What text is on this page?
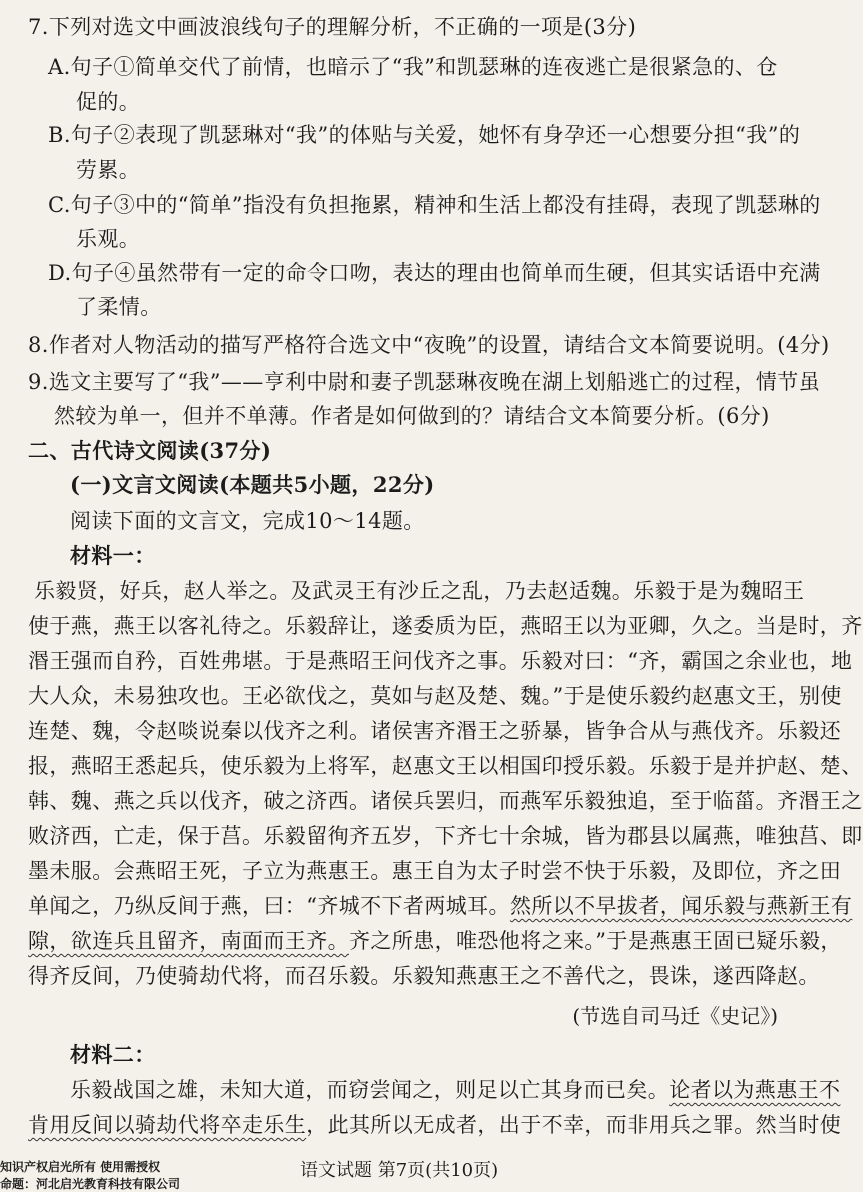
7.下列对选文中画波浪线句子的理解分析，不正确的一项是(3分)
A.句子①简单交代了前情，也暗示了“我”和凯瑟琳的连夜逃亡是很紧急的、仓
促的。
B.句子②表现了凯瑟琳对“我”的体贴与关爱，她怀有身孕还一心想要分担“我”的
劳累。
C.句子③中的“简单”指没有负担拖累，精神和生活上都没有挂碍，表现了凯瑟琳的
乐观。
D.句子④虽然带有一定的命令口吻，表达的理由也简单而生硬，但其实话语中充满
了柔情。
8.作者对人物活动的描写严格符合选文中“夜晚”的设置，请结合文本简要说明。(4分)
9.选文主要写了“我”——亨利中尉和妻子凯瑟琳夜晚在湖上划船逃亡的过程，情节虽
然较为单一，但并不单薄。作者是如何做到的？请结合文本简要分析。(6分)
二、古代诗文阅读(37分)
(一)文言文阅读(本题共5小题，22分)
阅读下面的文言文，完成10～14题。
材料一：
乐毅贤，好兵，赵人举之。及武灵王有沙丘之乱，乃去赵适魏。乐毅于是为魏昭王
使于燕，燕王以客礼待之。乐毅辞让，遂委质为臣，燕昭王以为亚卿，久之。当是时，齐
湣王强而自矜，百姓弗堪。于是燕昭王问伐齐之事。乐毅对曰：“齐，霸国之余业也，地
大人众，未易独攻也。王必欲伐之，莫如与赵及楚、魏。”于是使乐毅约赵惠文王，别使
连楚、魏，令赵啖说秦以伐齐之利。诸侯害齐湣王之骄暴，皆争合从与燕伐齐。乐毅还
报，燕昭王悉起兵，使乐毅为上将军，赵惠文王以相国印授乐毅。乐毅于是并护赵、楚、
韩、魏、燕之兵以伐齐，破之济西。诸侯兵罢归，而燕军乐毅独追，至于临菑。齐湣王之
败济西，亡走，保于莒。乐毅留徇齐五岁，下齐七十余城，皆为郡县以属燕，唯独莒、即
墨未服。会燕昭王死，子立为燕惠王。惠王自为太子时尝不快于乐毅，及即位，齐之田
单闻之，乃纵反间于燕，曰：“齐城不下者两城耳。然所以不早拔者，闻乐毅与燕新王有
隙，欲连兵且留齐，南面而王齐。齐之所患，唯恐他将之来。”于是燕惠王固已疑乐毅，
得齐反间，乃使骑劫代将，而召乐毅。乐毅知燕惠王之不善代之，畏诛，遂西降赵。
(节选自司马迁《史记》)
材料二：
乐毅战国之雄，未知大道，而窃尝闻之，则足以亡其身而已矣。论者以为燕惠王不
肯用反间以骑劫代将卒走乐生，此其所以无成者，出于不幸，而非用兵之罪。然当时使
知识产权启光所有 使用需授权
命题：河北启光教育科技有限公司
语文试题 第7页(共10页)
